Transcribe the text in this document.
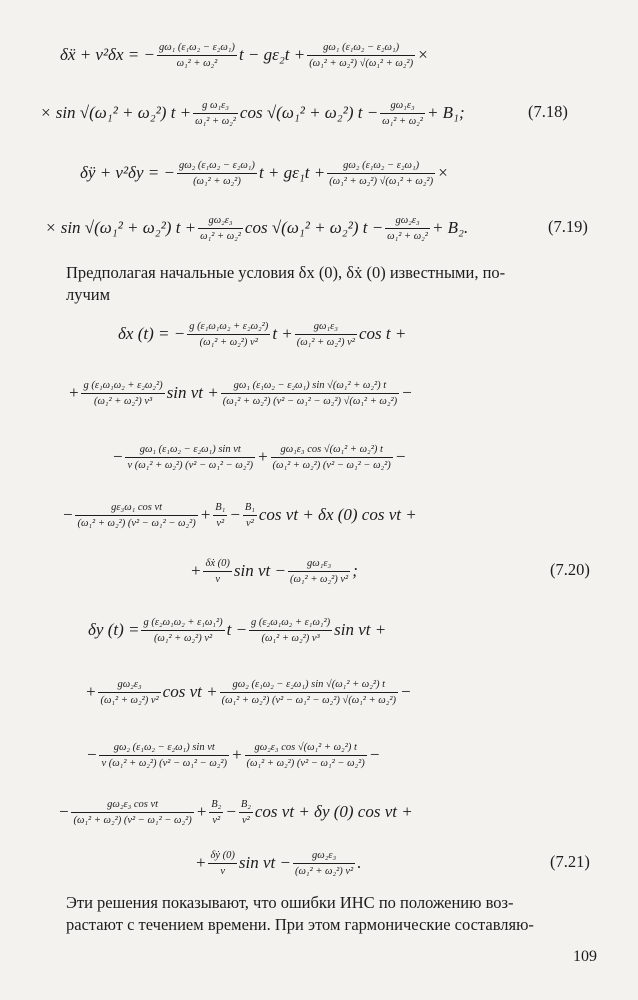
δẍ + ν²δx = − $\frac{\text{gω₁ (ε₁ω₂ − ε₂ω₁)}}{\text{ω₁² + ω₂²}}$ $t - g\varepsilon_2t + \frac{\text{gω₁ (ε₁ω₂ − ε₂ω₁)}}{\text{(ω₁² + ω₂²) √(ω₁² + ω₂²)}}$ ×
× sin √(ω₁² + ω₂²) $t + \frac{\text{g ω₁ε₃}}{\text{ω₁² + ω₂²}}$ cos √(ω₁² + ω₂²) $t - \frac{\text{gω₁ε₃}}{\text{ω₁² + ω₂²}} + B_1$;
δÿ + ν²δy = − $\frac{\text{gω₂ (ε₁ω₂ − ε₂ω₁)}}{\text{(ω₁² + ω₂²)}}$ $t + g\varepsilon_1t + \frac{\text{gω₂ (ε₁ω₂ − ε₂ω₁)}}{\text{(ω₁² + ω₂²) √(ω₁² + ω₂²)}}$ ×
× sin √(ω₁² + ω₂²) $t + \frac{\text{gω₂ε₃}}{\text{ω₁² + ω₂²}}$ cos √(ω₁² + ω₂²) $t - \frac{\text{gω₂ε₃}}{\text{ω₁² + ω₂²}} + B_2$.
Предполагая начальные условия δx (0), δẋ (0) известными, по-
лучим
δx (t) = − $\frac{\text{g (ε₁ω₁ω₂ + ε₂ω₂²)}}{\text{(ω₁² + ω₂²) ν²}}$ $t + \frac{\text{gω₁ε₃}}{\text{(ω₁² + ω₂²) ν²}}$ cos t +
+ $\frac{\text{g (ε₁ω₁ω₂ + ε₂ω₂²)}}{\text{(ω₁² + ω₂²) ν³}}$ $\sin \nu t + \frac{\text{gω₁ (ε₁ω₂ − ε₂ω₁) sin √(ω₁² + ω₂²) t}}{\text{(ω₁² + ω₂²) (ν² − ω₁² − ω₂²) √(ω₁² + ω₂²)}}$ −
− $\frac{\text{gω₁ (ε₁ω₂ − ε₂ω₁) sin νt}}{\text{ν (ω₁² + ω₂²) (ν² − ω₁² − ω₂²)}} + \frac{\text{gω₁ε₃ cos √(ω₁² + ω₂²) t}}{\text{(ω₁² + ω₂²) (ν² − ω₁² − ω₂²)}}$ −
− $\frac{\text{gε₃ω₁ cos νt}}{\text{(ω₁² + ω₂²) (ν² − ω₁² − ω₂²)}} + \frac{\text{B₁}}{\text{ν²}} - \frac{\text{B₁}}{\text{ν²}}$ cos νt + δx (0) cos νt +
+ $\frac{\text{δẋ (0)}}{\nu}$ $\sin \nu t - \frac{\text{gω₁ε₃}}{\text{(ω₁² + ω₂²) ν²}}$ ;
δy $(t) = \frac{\text{g (ε₂ω₁ω₂ + ε₁ω₁²)}}{\text{(ω₁² + ω₂²) ν²}}$ $t - \frac{\text{g (ε₂ω₁ω₂ + ε₁ω₁²)}}{\text{(ω₁² + ω₂²) ν³}}$ sin νt +
+ $\frac{\text{gω₂ε₃}}{\text{(ω₁² + ω₂²) ν²}}$ $\cos \nu t + \frac{\text{gω₂ (ε₁ω₂ − ε₂ω₁) sin √(ω₁² + ω₂²) t}}{\text{(ω₁² + ω₂²) (ν² − ω₁² − ω₂²) √(ω₁² + ω₂²)}}$ −
− $\frac{\text{gω₂ (ε₁ω₂ − ε₂ω₁) sin νt}}{\text{ν (ω₁² + ω₂²) (ν² − ω₁² − ω₂²)}} + \frac{\text{gω₂ε₃ cos √(ω₁² + ω₂²) t}}{\text{(ω₁² + ω₂²) (ν² − ω₁² − ω₂²)}}$ −
− $\frac{\text{gω₂ε₃ cos νt}}{\text{(ω₁² + ω₂²) (ν² − ω₁² − ω₂²)}} + \frac{\text{B₂}}{\text{ν²}} - \frac{\text{B₂}}{\text{ν²}}$ cos νt + δy (0) cos νt +
+ $\frac{\text{δẏ (0)}}{\nu}$ $\sin \nu t - \frac{\text{gω₂ε₃}}{\text{(ω₁² + ω₂²) ν²}}$ .
Эти решения показывают, что ошибки ИНС по положению воз-
растают с течением времени. При этом гармонические составляю-
109
(7.18)
(7.19)
(7.20)
(7.21)
